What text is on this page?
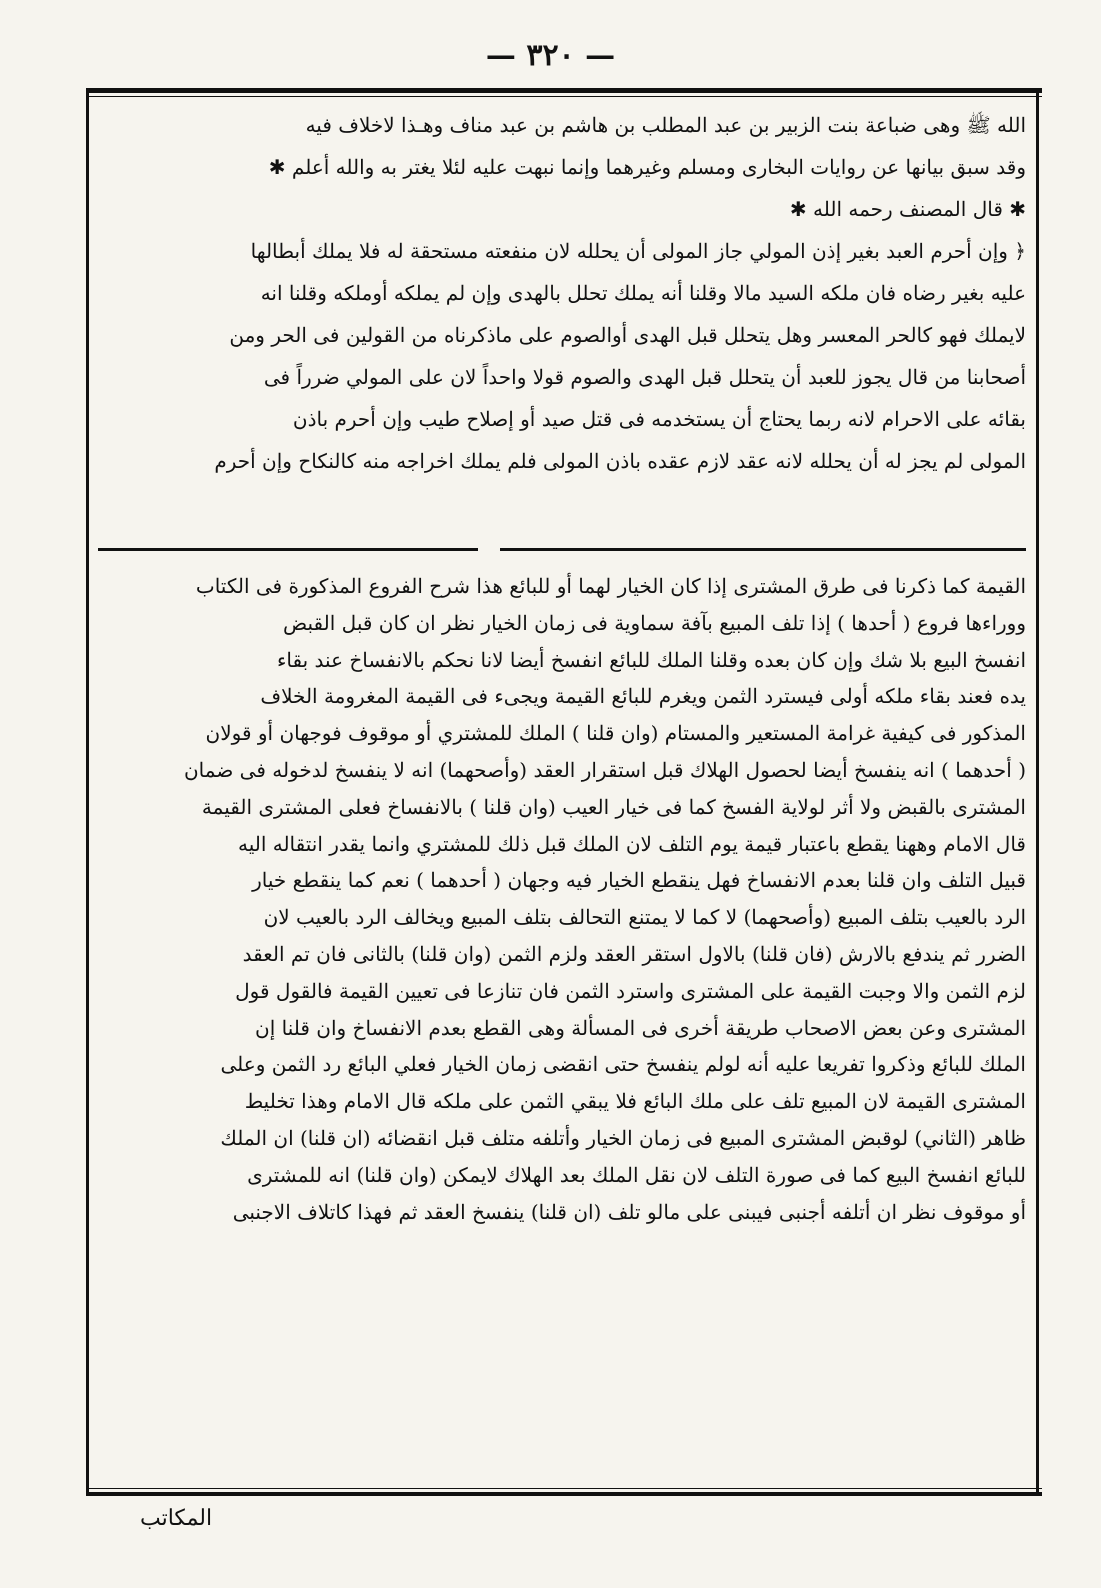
— ٣٢٠ —
الله ﷺ وهى ضباعة بنت الزبير بن عبد المطلب بن هاشم بن عبد مناف وهـذا لاخلاف فيه
وقد سبق بيانها عن روايات البخارى ومسلم وغيرهما وإنما نبهت عليه لئلا يغتر به والله أعلم ✱
✱ قال المصنف رحمه الله ✱
﴿ وإن أحرم العبد بغير إذن المولي جاز المولى أن يحلله لان منفعته مستحقة له فلا يملك أبطالها
عليه بغير رضاه فان ملكه السيد مالا وقلنا أنه يملك تحلل بالهدى وإن لم يملكه أوملكه وقلنا انه
لايملك فهو كالحر المعسر وهل يتحلل قبل الهدى أوالصوم على ماذكرناه من القولين فى الحر ومن
أصحابنا من قال يجوز للعبد أن يتحلل قبل الهدى والصوم قولا واحداً لان على المولي ضرراً فى
بقائه على الاحرام لانه ربما يحتاج أن يستخدمه فى قتل صيد أو إصلاح طيب وإن أحرم باذن
المولى لم يجز له أن يحلله لانه عقد لازم عقده باذن المولى فلم يملك اخراجه منه كالنكاح وإن أحرم
القيمة كما ذكرنا فى طرق المشترى إذا كان الخيار لهما أو للبائع هذا شرح الفروع المذكورة فى الكتاب
ووراءها فروع ( أحدها ) إذا تلف المبيع بآفة سماوية فى زمان الخيار نظر ان كان قبل القبض
انفسخ البيع بلا شك وإن كان بعده وقلنا الملك للبائع انفسخ أيضا لانا نحكم بالانفساخ عند بقاء
يده فعند بقاء ملكه أولى فيسترد الثمن ويغرم للبائع القيمة ويجىء فى القيمة المغرومة الخلاف
المذكور فى كيفية غرامة المستعير والمستام (وان قلنا ) الملك للمشتري أو موقوف فوجهان أو قولان
( أحدهما ) انه ينفسخ أيضا لحصول الهلاك قبل استقرار العقد (وأصحهما) انه لا ينفسخ لدخوله فى ضمان
المشترى بالقبض ولا أثر لولاية الفسخ كما فى خيار العيب (وان قلنا ) بالانفساخ فعلى المشترى القيمة
قال الامام وههنا يقطع باعتبار قيمة يوم التلف لان الملك قبل ذلك للمشتري وانما يقدر انتقاله اليه
قبيل التلف وان قلنا بعدم الانفساخ فهل ينقطع الخيار فيه وجهان ( أحدهما ) نعم كما ينقطع خيار
الرد بالعيب بتلف المبيع (وأصحهما) لا كما لا يمتنع التحالف بتلف المبيع ويخالف الرد بالعيب لان
الضرر ثم يندفع بالارش (فان قلنا) بالاول استقر العقد ولزم الثمن (وان قلنا) بالثانى فان تم العقد
لزم الثمن والا وجبت القيمة على المشترى واسترد الثمن فان تنازعا فى تعيين القيمة فالقول قول
المشترى وعن بعض الاصحاب طريقة أخرى فى المسألة وهى القطع بعدم الانفساخ وان قلنا إن
الملك للبائع وذكروا تفريعا عليه أنه لولم ينفسخ حتى انقضى زمان الخيار فعلي البائع رد الثمن وعلى
المشترى القيمة لان المبيع تلف على ملك البائع فلا يبقي الثمن على ملكه قال الامام وهذا تخليط
ظاهر (الثاني) لوقبض المشترى المبيع فى زمان الخيار وأتلفه متلف قبل انقضائه (ان قلنا) ان الملك
للبائع انفسخ البيع كما فى صورة التلف لان نقل الملك بعد الهلاك لايمكن (وان قلنا) انه للمشترى
أو موقوف نظر ان أتلفه أجنبى فيبنى على مالو تلف (ان قلنا) ينفسخ العقد ثم فهذا كاتلاف الاجنبى
المكاتب
